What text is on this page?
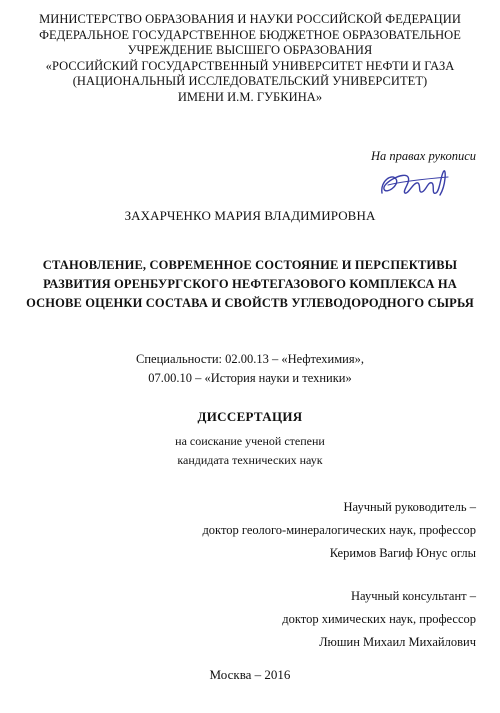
МИНИСТЕРСТВО ОБРАЗОВАНИЯ И НАУКИ РОССИЙСКОЙ ФЕДЕРАЦИИ
ФЕДЕРАЛЬНОЕ ГОСУДАРСТВЕННОЕ БЮДЖЕТНОЕ ОБРАЗОВАТЕЛЬНОЕ
УЧРЕЖДЕНИЕ ВЫСШЕГО ОБРАЗОВАНИЯ
«РОССИЙСКИЙ ГОСУДАРСТВЕННЫЙ УНИВЕРСИТЕТ НЕФТИ И ГАЗА
(НАЦИОНАЛЬНЫЙ ИССЛЕДОВАТЕЛЬСКИЙ УНИВЕРСИТЕТ)
ИМЕНИ И.М. ГУБКИНА»
На правах рукописи
ЗАХАРЧЕНКО МАРИЯ ВЛАДИМИРОВНА
СТАНОВЛЕНИЕ, СОВРЕМЕННОЕ СОСТОЯНИЕ И ПЕРСПЕКТИВЫ
РАЗВИТИЯ ОРЕНБУРГСКОГО НЕФТЕГАЗОВОГО КОМПЛЕКСА НА
ОСНОВЕ ОЦЕНКИ СОСТАВА И СВОЙСТВ УГЛЕВОДОРОДНОГО СЫРЬЯ
Специальности: 02.00.13 – «Нефтехимия»,
07.00.10 – «История науки и техники»
ДИССЕРТАЦИЯ
на соискание ученой степени
кандидата технических наук
Научный руководитель –
доктор геолого-минералогических наук, профессор
Керимов Вагиф Юнус оглы
Научный консультант –
доктор химических наук, профессор
Люшин Михаил Михайлович
Москва – 2016
